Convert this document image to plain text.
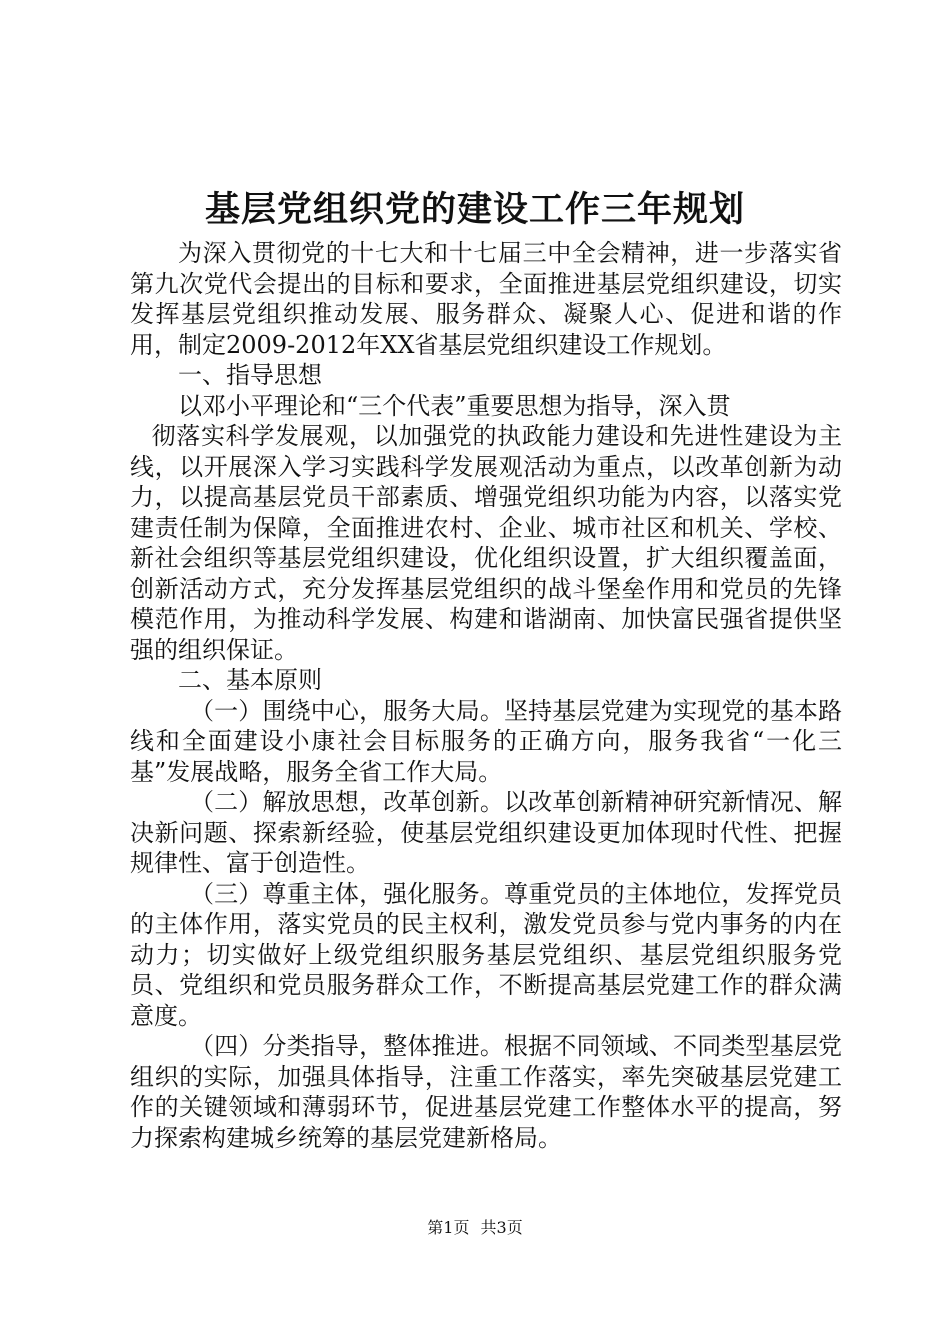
基层党组织党的建设工作三年规划

为深入贯彻党的十七大和十七届三中全会精神，进一步落实省第九次党代会提出的目标和要求，全面推进基层党组织建设，切实发挥基层党组织推动发展、服务群众、凝聚人心、促进和谐的作用，制定2009-2012年XX省基层党组织建设工作规划。

一、指导思想

以邓小平理论和“三个代表”重要思想为指导，深入贯

彻落实科学发展观，以加强党的执政能力建设和先进性建设为主线，以开展深入学习实践科学发展观活动为重点，以改革创新为动力，以提高基层党员干部素质、增强党组织功能为内容，以落实党建责任制为保障，全面推进农村、企业、城市社区和机关、学校、新社会组织等基层党组织建设，优化组织设置，扩大组织覆盖面，创新活动方式，充分发挥基层党组织的战斗堡垒作用和党员的先锋模范作用，为推动科学发展、构建和谐湖南、加快富民强省提供坚强的组织保证。

二、基本原则

（一）围绕中心，服务大局。坚持基层党建为实现党的基本路线和全面建设小康社会目标服务的正确方向，服务我省“一化三基”发展战略，服务全省工作大局。

（二）解放思想，改革创新。以改革创新精神研究新情况、解决新问题、探索新经验，使基层党组织建设更加体现时代性、把握规律性、富于创造性。

（三）尊重主体，强化服务。尊重党员的主体地位，发挥党员的主体作用，落实党员的民主权利，激发党员参与党内事务的内在动力；切实做好上级党组织服务基层党组织、基层党组织服务党员、党组织和党员服务群众工作，不断提高基层党建工作的群众满意度。

（四）分类指导，整体推进。根据不同领域、不同类型基层党组织的实际，加强具体指导，注重工作落实，率先突破基层党建工作的关键领域和薄弱环节，促进基层党建工作整体水平的提高，努力探索构建城乡统筹的基层党建新格局。

第1页 共3页
